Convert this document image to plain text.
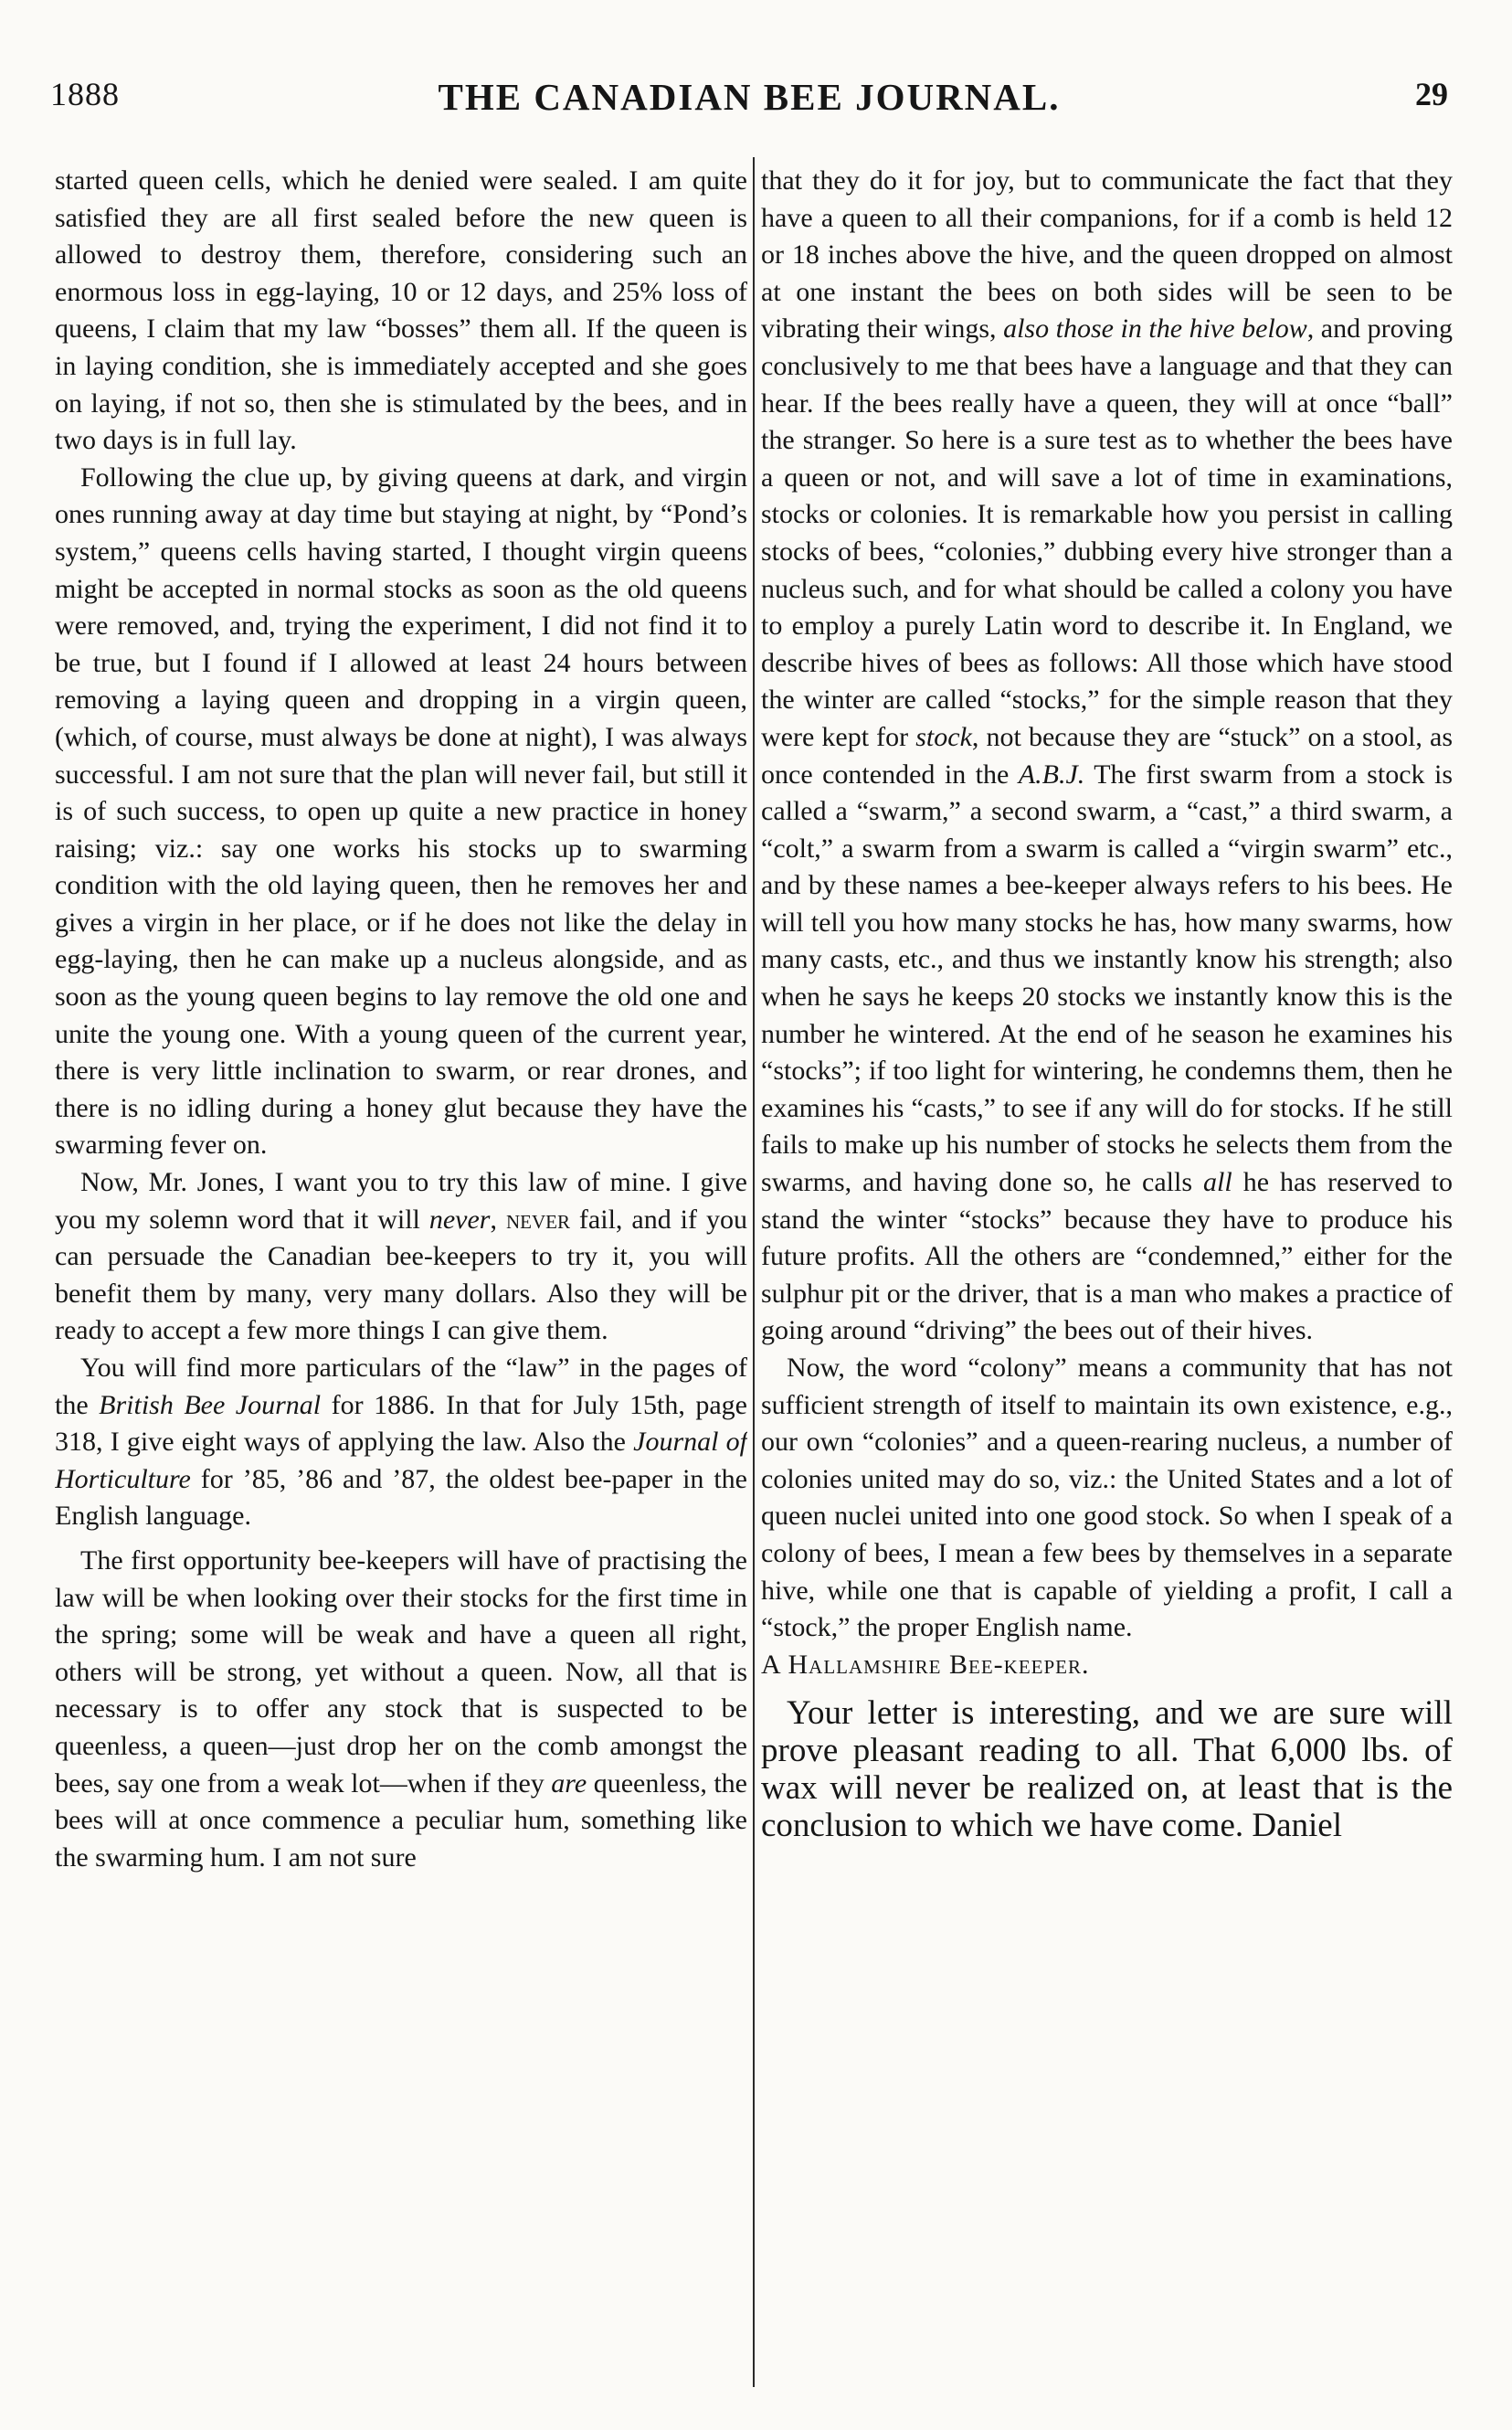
1888	THE CANADIAN BEE JOURNAL.	29

started queen cells, which he denied were sealed. I am quite satisfied they are all first sealed before the new queen is allowed to destroy them, therefore, considering such an enormous loss in egg-laying, 10 or 12 days, and 25% loss of queens, I claim that my law “bosses” them all. If the queen is in laying condition, she is immediately accepted and she goes on laying, if not so, then she is stimulated by the bees, and in two days is in full lay.

Following the clue up, by giving queens at dark, and virgin ones running away at day time but staying at night, by “Pond’s system,” queens cells having started, I thought virgin queens might be accepted in normal stocks as soon as the old queens were removed, and, trying the experiment, I did not find it to be true, but I found if I allowed at least 24 hours between removing a laying queen and dropping in a virgin queen, (which, of course, must always be done at night), I was always successful. I am not sure that the plan will never fail, but still it is of such success, to open up quite a new practice in honey raising; viz.: say one works his stocks up to swarming condition with the old laying queen, then he removes her and gives a virgin in her place, or if he does not like the delay in egg-laying, then he can make up a nucleus alongside, and as soon as the young queen begins to lay remove the old one and unite the young one. With a young queen of the current year, there is very little inclination to swarm, or rear drones, and there is no idling during a honey glut because they have the swarming fever on.

Now, Mr. Jones, I want you to try this law of mine. I give you my solemn word that it will never, never fail, and if you can persuade the Canadian bee-keepers to try it, you will benefit them by many, very many dollars. Also they will be ready to accept a few more things I can give them.

You will find more particulars of the “law” in the pages of the British Bee Journal for 1886. In that for July 15th, page 318, I give eight ways of applying the law. Also the Journal of Horticulture for ’85, ’86 and ’87, the oldest bee-paper in the English language.

The first opportunity bee-keepers will have of practising the law will be when looking over their stocks for the first time in the spring; some will be weak and have a queen all right, others will be strong, yet without a queen. Now, all that is necessary is to offer any stock that is suspected to be queenless, a queen—just drop her on the comb amongst the bees, say one from a weak lot—when if they are queenless, the bees will at once commence a peculiar hum, something like the swarming hum. I am not sure

that they do it for joy, but to communicate the fact that they have a queen to all their companions, for if a comb is held 12 or 18 inches above the hive, and the queen dropped on almost at one instant the bees on both sides will be seen to be vibrating their wings, also those in the hive below, and proving conclusively to me that bees have a language and that they can hear. If the bees really have a queen, they will at once “ball” the stranger. So here is a sure test as to whether the bees have a queen or not, and will save a lot of time in examinations, stocks or colonies. It is remarkable how you persist in calling stocks of bees, “colonies,” dubbing every hive stronger than a nucleus such, and for what should be called a colony you have to employ a purely Latin word to describe it. In England, we describe hives of bees as follows: All those which have stood the winter are called “stocks,” for the simple reason that they were kept for stock, not because they are “stuck” on a stool, as once contended in the A.B.J. The first swarm from a stock is called a “swarm,” a second swarm, a “cast,” a third swarm, a “colt,” a swarm from a swarm is called a “virgin swarm” etc., and by these names a bee-keeper always refers to his bees. He will tell you how many stocks he has, how many swarms, how many casts, etc., and thus we instantly know his strength; also when he says he keeps 20 stocks we instantly know this is the number he wintered. At the end of he season he examines his “stocks”; if too light for wintering, he condemns them, then he examines his “casts,” to see if any will do for stocks. If he still fails to make up his number of stocks he selects them from the swarms, and having done so, he calls all he has reserved to stand the winter “stocks” because they have to produce his future profits. All the others are “condemned,” either for the sulphur pit or the driver, that is a man who makes a practice of going around “driving” the bees out of their hives.

Now, the word “colony” means a community that has not sufficient strength of itself to maintain its own existence, e.g., our own “colonies” and a queen-rearing nucleus, a number of colonies united may do so, viz.: the United States and a lot of queen nuclei united into one good stock. So when I speak of a colony of bees, I mean a few bees by themselves in a separate hive, while one that is capable of yielding a profit, I call a “stock,” the proper English name.

A Hallamshire Bee-keeper.

Your letter is interesting, and we are sure will prove pleasant reading to all. That 6,000 lbs. of wax will never be realized on, at least that is the conclusion to which we have come. Daniel
